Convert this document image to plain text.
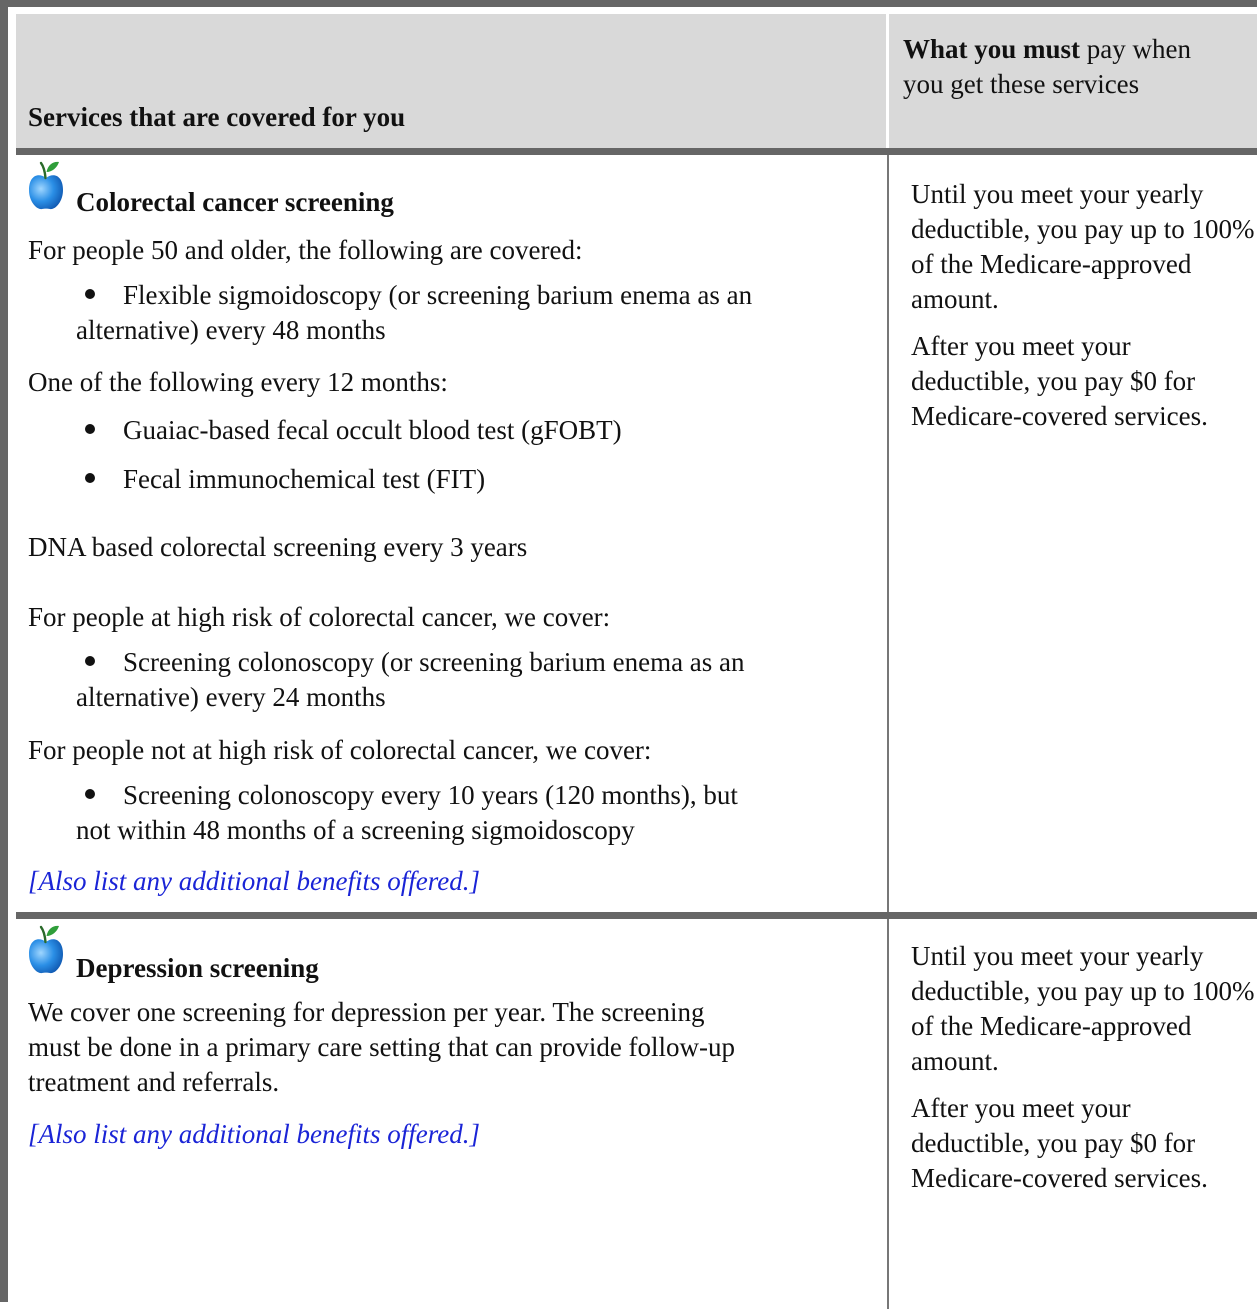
Services that are covered for you
What you must pay when you get these services
Colorectal cancer screening
For people 50 and older, the following are covered:
Flexible sigmoidoscopy (or screening barium enema as an
alternative) every 48 months
One of the following every 12 months:
Guaiac-based fecal occult blood test (gFOBT)
Fecal immunochemical test (FIT)
DNA based colorectal screening every 3 years
For people at high risk of colorectal cancer, we cover:
Screening colonoscopy (or screening barium enema as an
alternative) every 24 months
For people not at high risk of colorectal cancer, we cover:
Screening colonoscopy every 10 years (120 months), but
not within 48 months of a screening sigmoidoscopy
[Also list any additional benefits offered.]

Until you meet your yearly deductible, you pay up to 100% of the Medicare-approved amount.

After you meet your deductible, you pay $0 for Medicare-covered services.

Depression screening
We cover one screening for depression per year. The screening
must be done in a primary care setting that can provide follow-up
treatment and referrals.
[Also list any additional benefits offered.]

Until you meet your yearly deductible, you pay up to 100% of the Medicare-approved amount.

After you meet your deductible, you pay $0 for Medicare-covered services.
